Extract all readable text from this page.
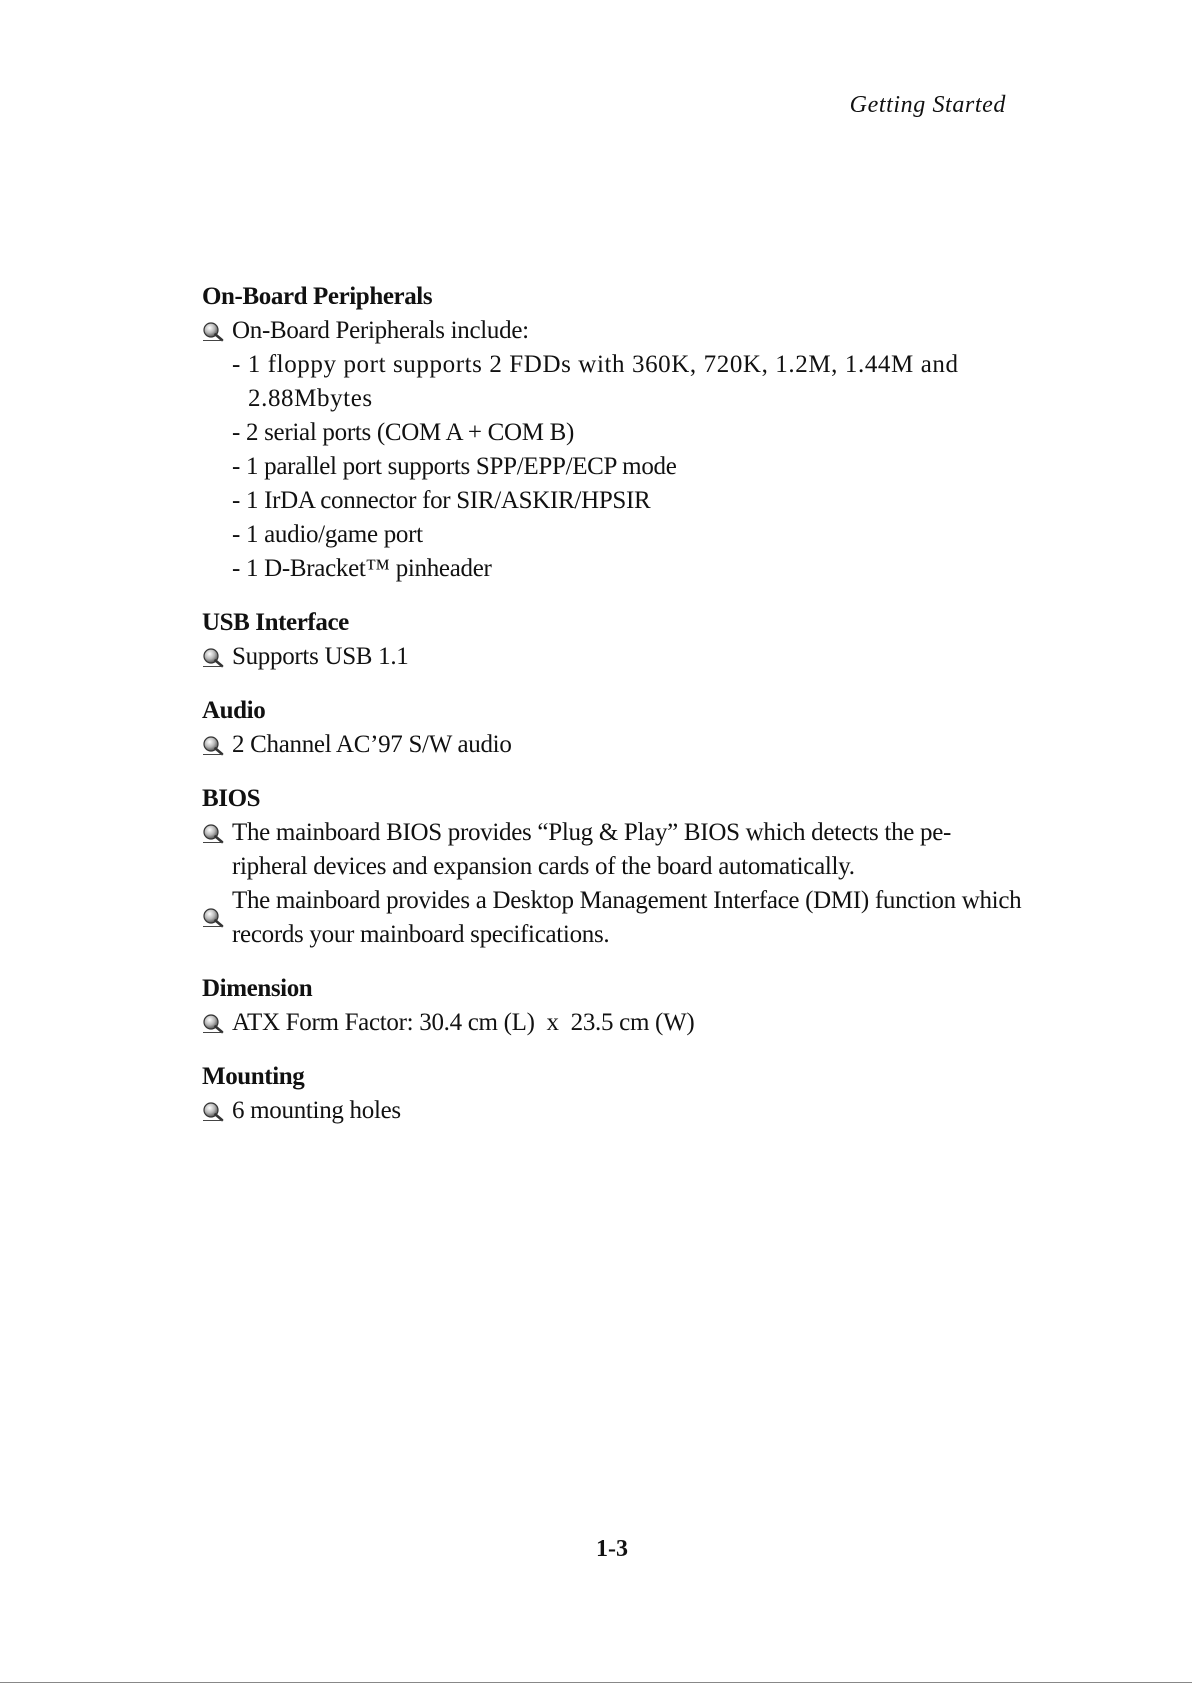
Getting Started
On-Board Peripherals
On-Board Peripherals include:
- 1 floppy port supports 2 FDDs with 360K, 720K, 1.2M, 1.44M and
2.88Mbytes
- 2 serial ports (COM A + COM B)
- 1 parallel port supports SPP/EPP/ECP mode
- 1 IrDA connector for SIR/ASKIR/HPSIR
- 1 audio/game port
- 1 D-Bracket™ pinheader
USB Interface
Supports USB 1.1
Audio
2 Channel AC’97 S/W audio
BIOS
The mainboard BIOS provides “Plug & Play” BIOS which detects the pe-ripheral devices and expansion cards of the board automatically.
The mainboard provides a Desktop Management Interface (DMI) function which records your mainboard specifications.
Dimension
ATX Form Factor: 30.4 cm (L)  x  23.5 cm (W)
Mounting
6 mounting holes
1-3
